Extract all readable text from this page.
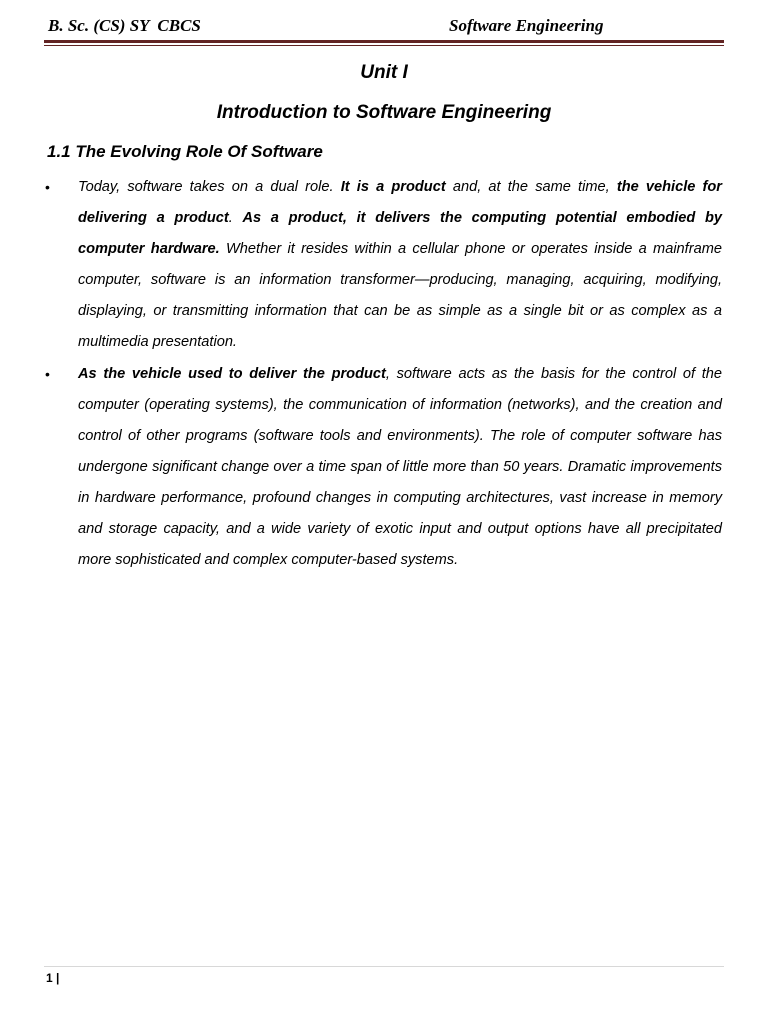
B. Sc. (CS) SY  CBCS	Software Engineering
Unit I
Introduction to Software Engineering
1.1 The Evolving Role Of Software
• Today, software takes on a dual role. It is a product and, at the same time, the vehicle for delivering a product. As a product, it delivers the computing potential embodied by computer hardware. Whether it resides within a cellular phone or operates inside a mainframe computer, software is an information transformer—producing, managing, acquiring, modifying, displaying, or transmitting information that can be as simple as a single bit or as complex as a multimedia presentation.
• As the vehicle used to deliver the product, software acts as the basis for the control of the computer (operating systems), the communication of information (networks), and the creation and control of other programs (software tools and environments). The role of computer software has undergone significant change over a time span of little more than 50 years. Dramatic improvements in hardware performance, profound changes in computing architectures, vast increase in memory and storage capacity, and a wide variety of exotic input and output options have all precipitated more sophisticated and complex computer-based systems.
1 |
